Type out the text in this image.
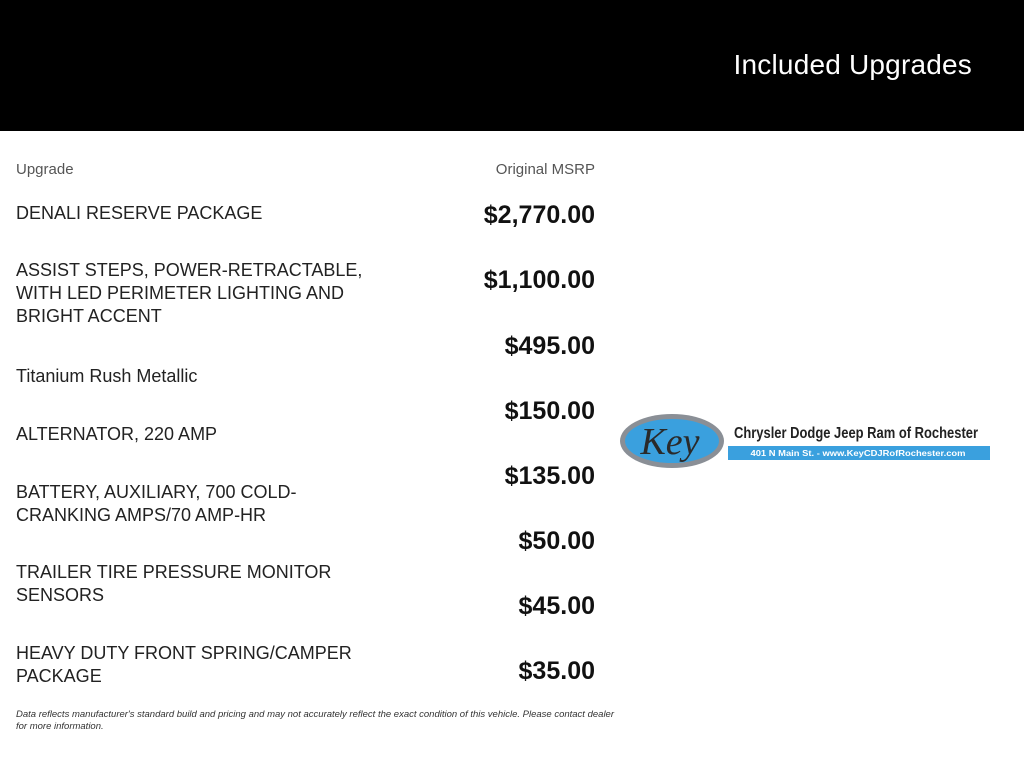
Included Upgrades
Upgrade	Original MSRP
DENALI RESERVE PACKAGE
ASSIST STEPS, POWER-RETRACTABLE, WITH LED PERIMETER LIGHTING AND BRIGHT ACCENT
Titanium Rush Metallic
ALTERNATOR, 220 AMP
BATTERY, AUXILIARY, 700 COLD-CRANKING AMPS/70 AMP-HR
TRAILER TIRE PRESSURE MONITOR SENSORS
HEAVY DUTY FRONT SPRING/CAMPER PACKAGE
$2,770.00
$1,100.00
$495.00
$150.00
$135.00
$50.00
$45.00
$35.00
Data reflects manufacturer's standard build and pricing and may not accurately reflect the exact condition of this vehicle. Please contact dealer for more information.
Key Chrysler Dodge Jeep Ram of Rochester
401 N Main St. - www.KeyCDJRofRochester.com
